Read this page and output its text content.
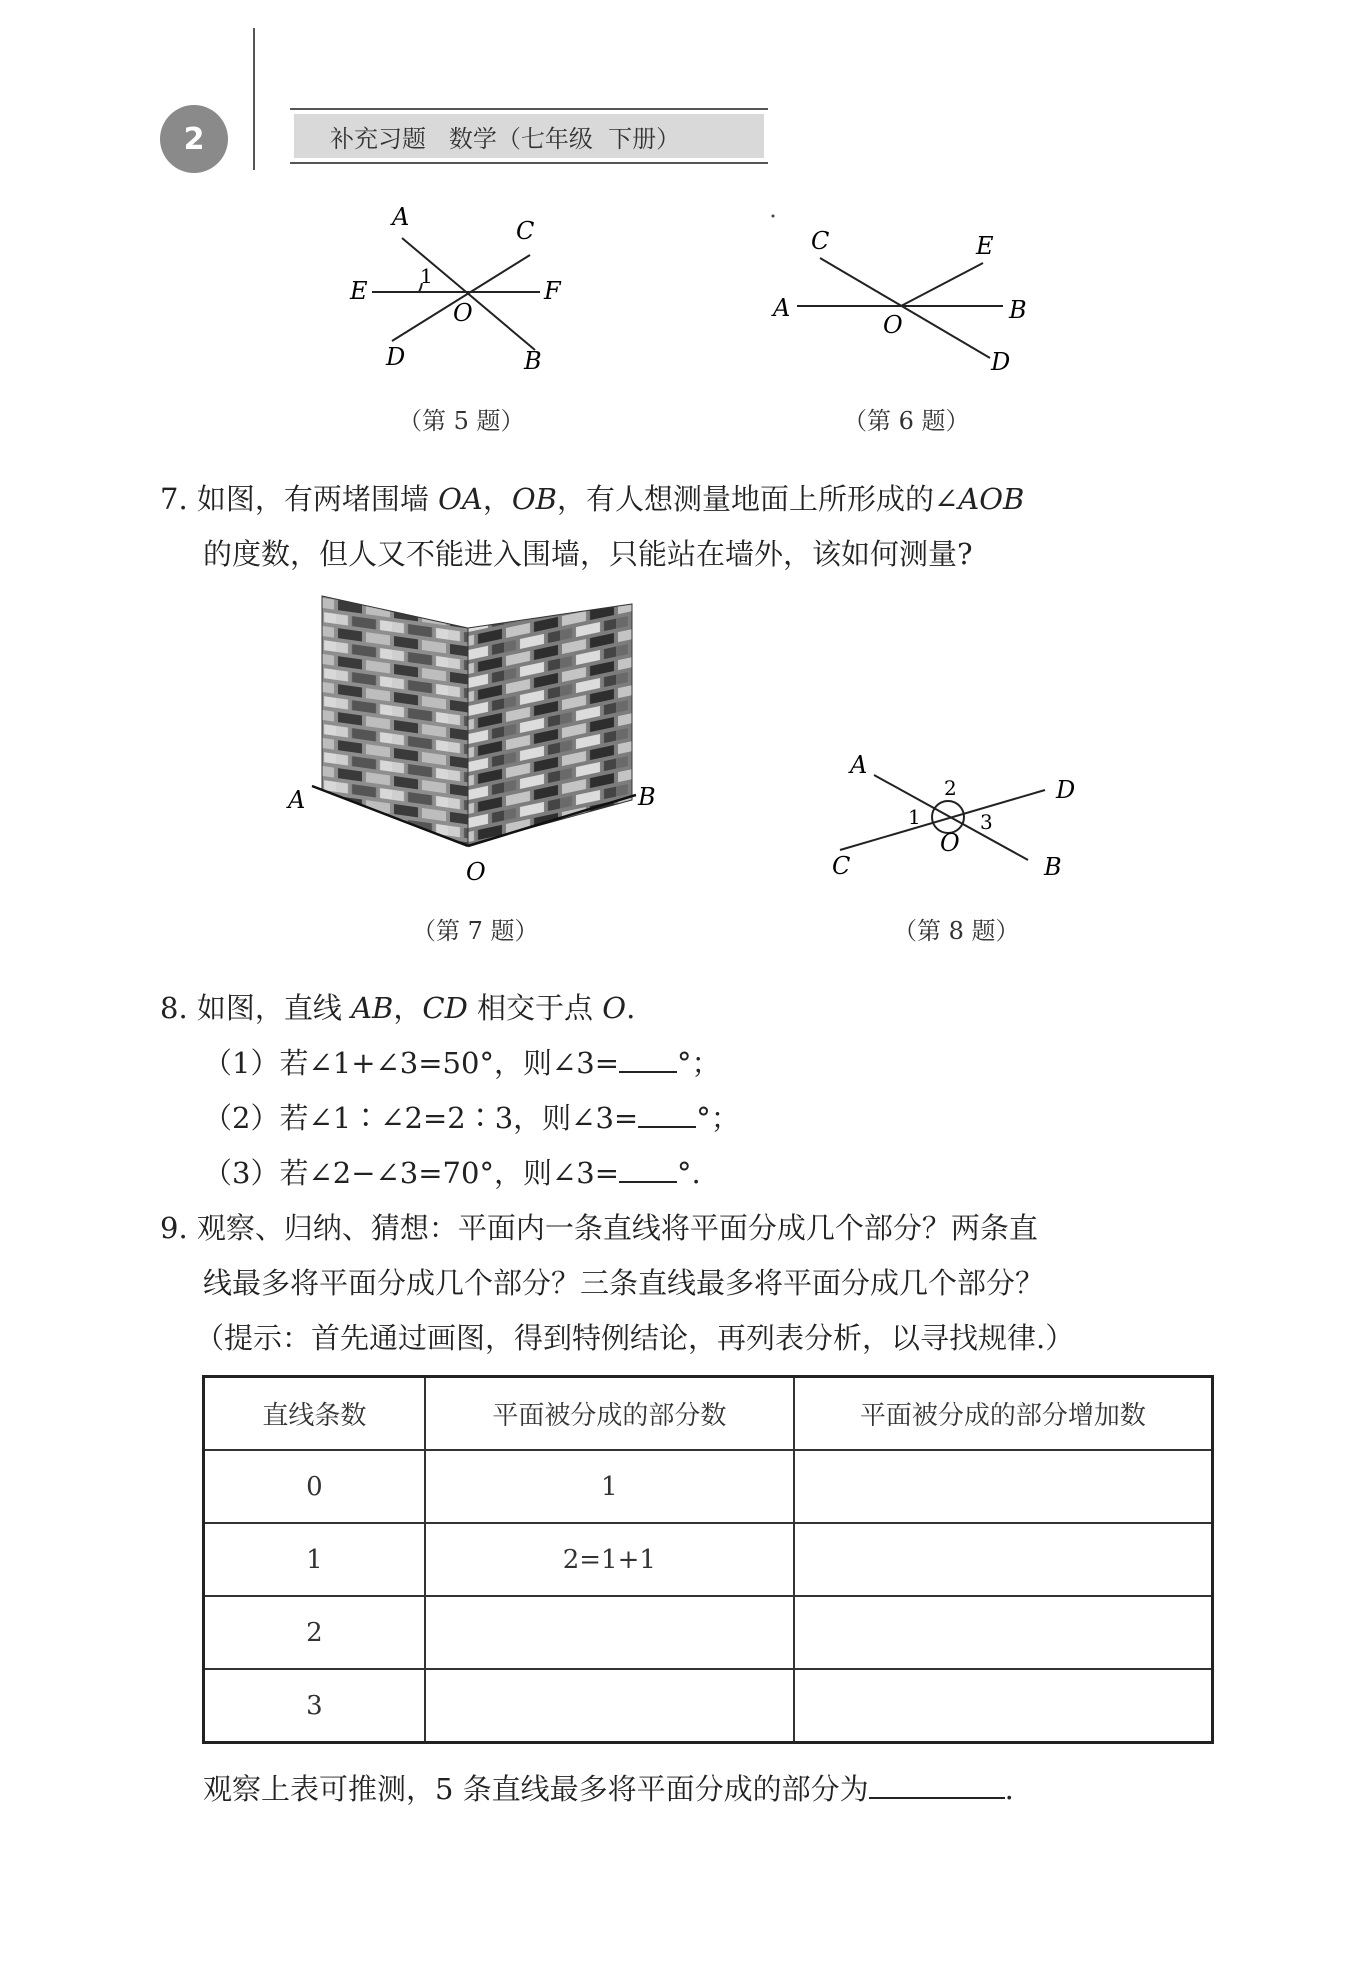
2	补充习题   数学（七年级  下册）
A	C
E	F
O
D	B
1
（第 5 题）
C	E
A	B
O
D
（第 6 题）
7. 如图，有两堵围墙 OA，OB，有人想测量地面上所形成的∠AOB
的度数，但人又不能进入围墙，只能站在墙外，该如何测量?
A	B
O
（第 7 题）
A
D
C	B
O
1
2
3
（第 8 题）
8. 如图，直线 AB，CD 相交于点 O.
（1）若∠1+∠3=50°，则∠3= °；
（2）若∠1∶∠2=2∶3，则∠3= °；
（3）若∠2−∠3=70°，则∠3= °.
9. 观察、归纳、猜想：平面内一条直线将平面分成几个部分？两条直
线最多将平面分成几个部分？三条直线最多将平面分成几个部分？
（提示：首先通过画图，得到特例结论，再列表分析，以寻找规律.）
直线条数	平面被分成的部分数	平面被分成的部分增加数
0	1	
1	2=1+1	
2		
3		
观察上表可推测，5 条直线最多将平面分成的部分为	.
